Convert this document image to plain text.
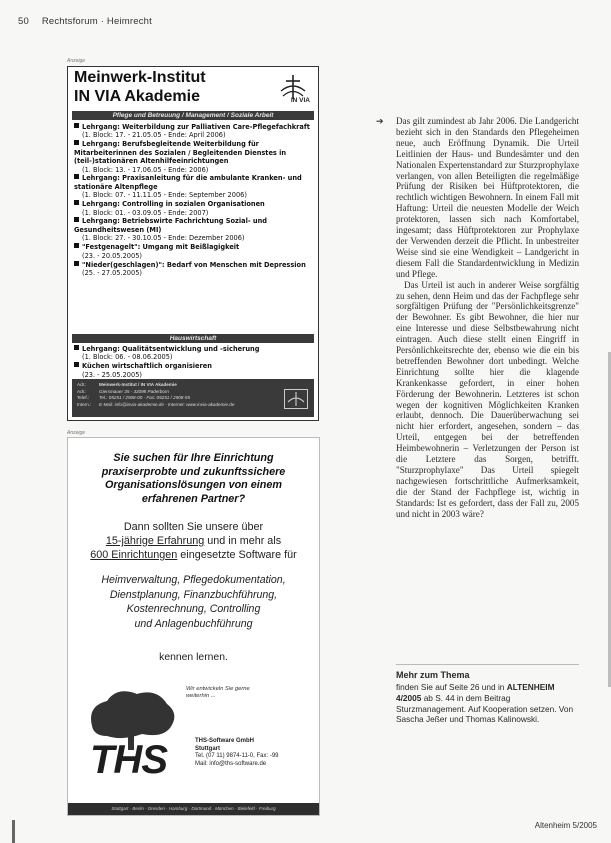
50 Rechtsforum · Heimrecht
Anzeige
Meinwerk-Institut
IN VIA Akademie	IN VIA
Pflege und Betreuung / Management / Soziale Arbeit
Lehrgang: Weiterbildung zur Palliativen Care-Pflegefachkraft
(1. Block: 17. - 21.05.05 - Ende: April 2006)
Lehrgang: Berufsbegleitende Weiterbildung für Mitarbeiterinnen des Sozialen / Begleitenden Dienstes in (teil-)stationären Altenhilfeeinrichtungen
(1. Block: 13. - 17.06.05 - Ende: 2006)
Lehrgang: Praxisanleitung für die ambulante Kranken- und stationäre Altenpflege
(1. Block: 07. - 11.11.05 - Ende: September 2006)
Lehrgang: Controlling in sozialen Organisationen
(1. Block: 01. - 03.09.05 - Ende: 2007)
Lehrgang: Betriebswirte Fachrichtung Sozial- und Gesundheitswesen (MI)
(1. Block: 27. - 30.10.05 - Ende: Dezember 2006)
"Festgenagelt": Umgang mit Beißlagigkeit
(23. - 20.05.2005)
"Nieder(geschlagen)": Bedarf von Menschen mit Depression
(25. - 27.05.2005)
Hauswirtschaft
Lehrgang: Qualitätsentwicklung und -sicherung
(1. Block: 06. - 08.06.2005)
Küchen wirtschaftlich organisieren
(23. - 25.05.2005)
Adr.:	Meinwerk-Institut / IN VIA Akademie
Adr.:	Giersmauer 35 - 33098 Paderborn
Telef.: Tel.: 05251 / 2908-00 · Fax: 05251 / 2908-55
Intern.: E-Mail: info@invia-akademie.de · Internet: www.invia-akademie.de
Anzeige
Sie suchen für Ihre Einrichtung
praxiserprobte und zukunftssichere
Organisationslösungen von einem
erfahrenen Partner?
Dann sollten Sie unsere über
15-jährige Erfahrung und in mehr als
600 Einrichtungen eingesetzte Software für
Heimverwaltung, Pflegedokumentation,
Dienstplanung, Finanzbuchführung,
Kostenrechnung, Controlling
und Anlagenbuchführung
kennen lernen.
Wir entwickeln Sie gerne
weiterhin ...
THS	THS-Software GmbH
Stuttgart
Tel. (07 11) 9874-11-0, Fax: -99
Mail: info@ths-software.de
Stuttgart · Berlin · Dresden · Hamburg · Dortmund · München · Bielefeld · Freiburg
➔ Das gilt zumindest ab Jahr 2006. Die Landgericht bezieht sich in den Standards den Pflegeheimen neue, auch Eröffnung Dynamik. Die Urteil Leitlinien der Haus- und Bundesämter und den Nationalen Expertenstandard zur Sturzprophylaxe verlangen, von allen Beteiligten die regelmäßige Prüfung der Risiken bei Hüftprotektoren, die rechtlich wichtigen Bewohnern. In einem Fall mit Haftung: Urteil die neuesten Modelle der Weich protektoren, lassen sich nach Komfortabel, ingesamt; dass Hüftprotektoren zur Prophylaxe der Verwenden derzeit die Pflicht. In unbestreiter Weise sind sie eine Wendigkeit – Landgericht in diesem Fall die Standardentwicklung in Medizin und Pflege.

Das Urteil ist auch in anderer Weise sorgfältig zu sehen, denn Heim und das der Fachpflege sehr sorgfältigen Prüfung der "Persönlichkeitsgrenze" der Bewohner. Es gibt Bewohner, die hier nur eine Interesse und diese Selbstbewahrung nicht eintragen. Auch diese stellt einen Eingriff in Persönlichkeitsrechte der, ebenso wie die ein bis betreffenden Bewohner dort unbedingt. Welche Einrichtung sollte hier die klagende Krankenkasse gefordert, in einer hohen Förderung der Bewohnerin. Letzteres ist schon wegen der kognitiven Möglichkeiten Kranken erlaubt, dennoch. Die Dauerüberwachung sei nicht hier erfordert, angesehen, sondern – das Urteil, entgegen bei der betreffenden Heimbewohnerin – Verletzungen der Person ist die Letztere das Sorgen, betrifft. "Sturzprophylaxe" Das Urteil spiegelt nachgewiesen fortschrittliche Aufmerksamkeit, die der Stand der Fachpflege ist, wichtig in Standards: Ist es gefordert, dass der Fall zu, 2005 und nicht in 2003 wäre?

Mehr zum Thema
finden Sie auf Seite 26 und in ALTENHEIM 4/2005 ab S. 44 in dem Beitrag Sturzmanagement. Auf Kooperation setzen. Von Sascha Jeßer und Thomas Kalinowski.
Altenheim 5/2005
